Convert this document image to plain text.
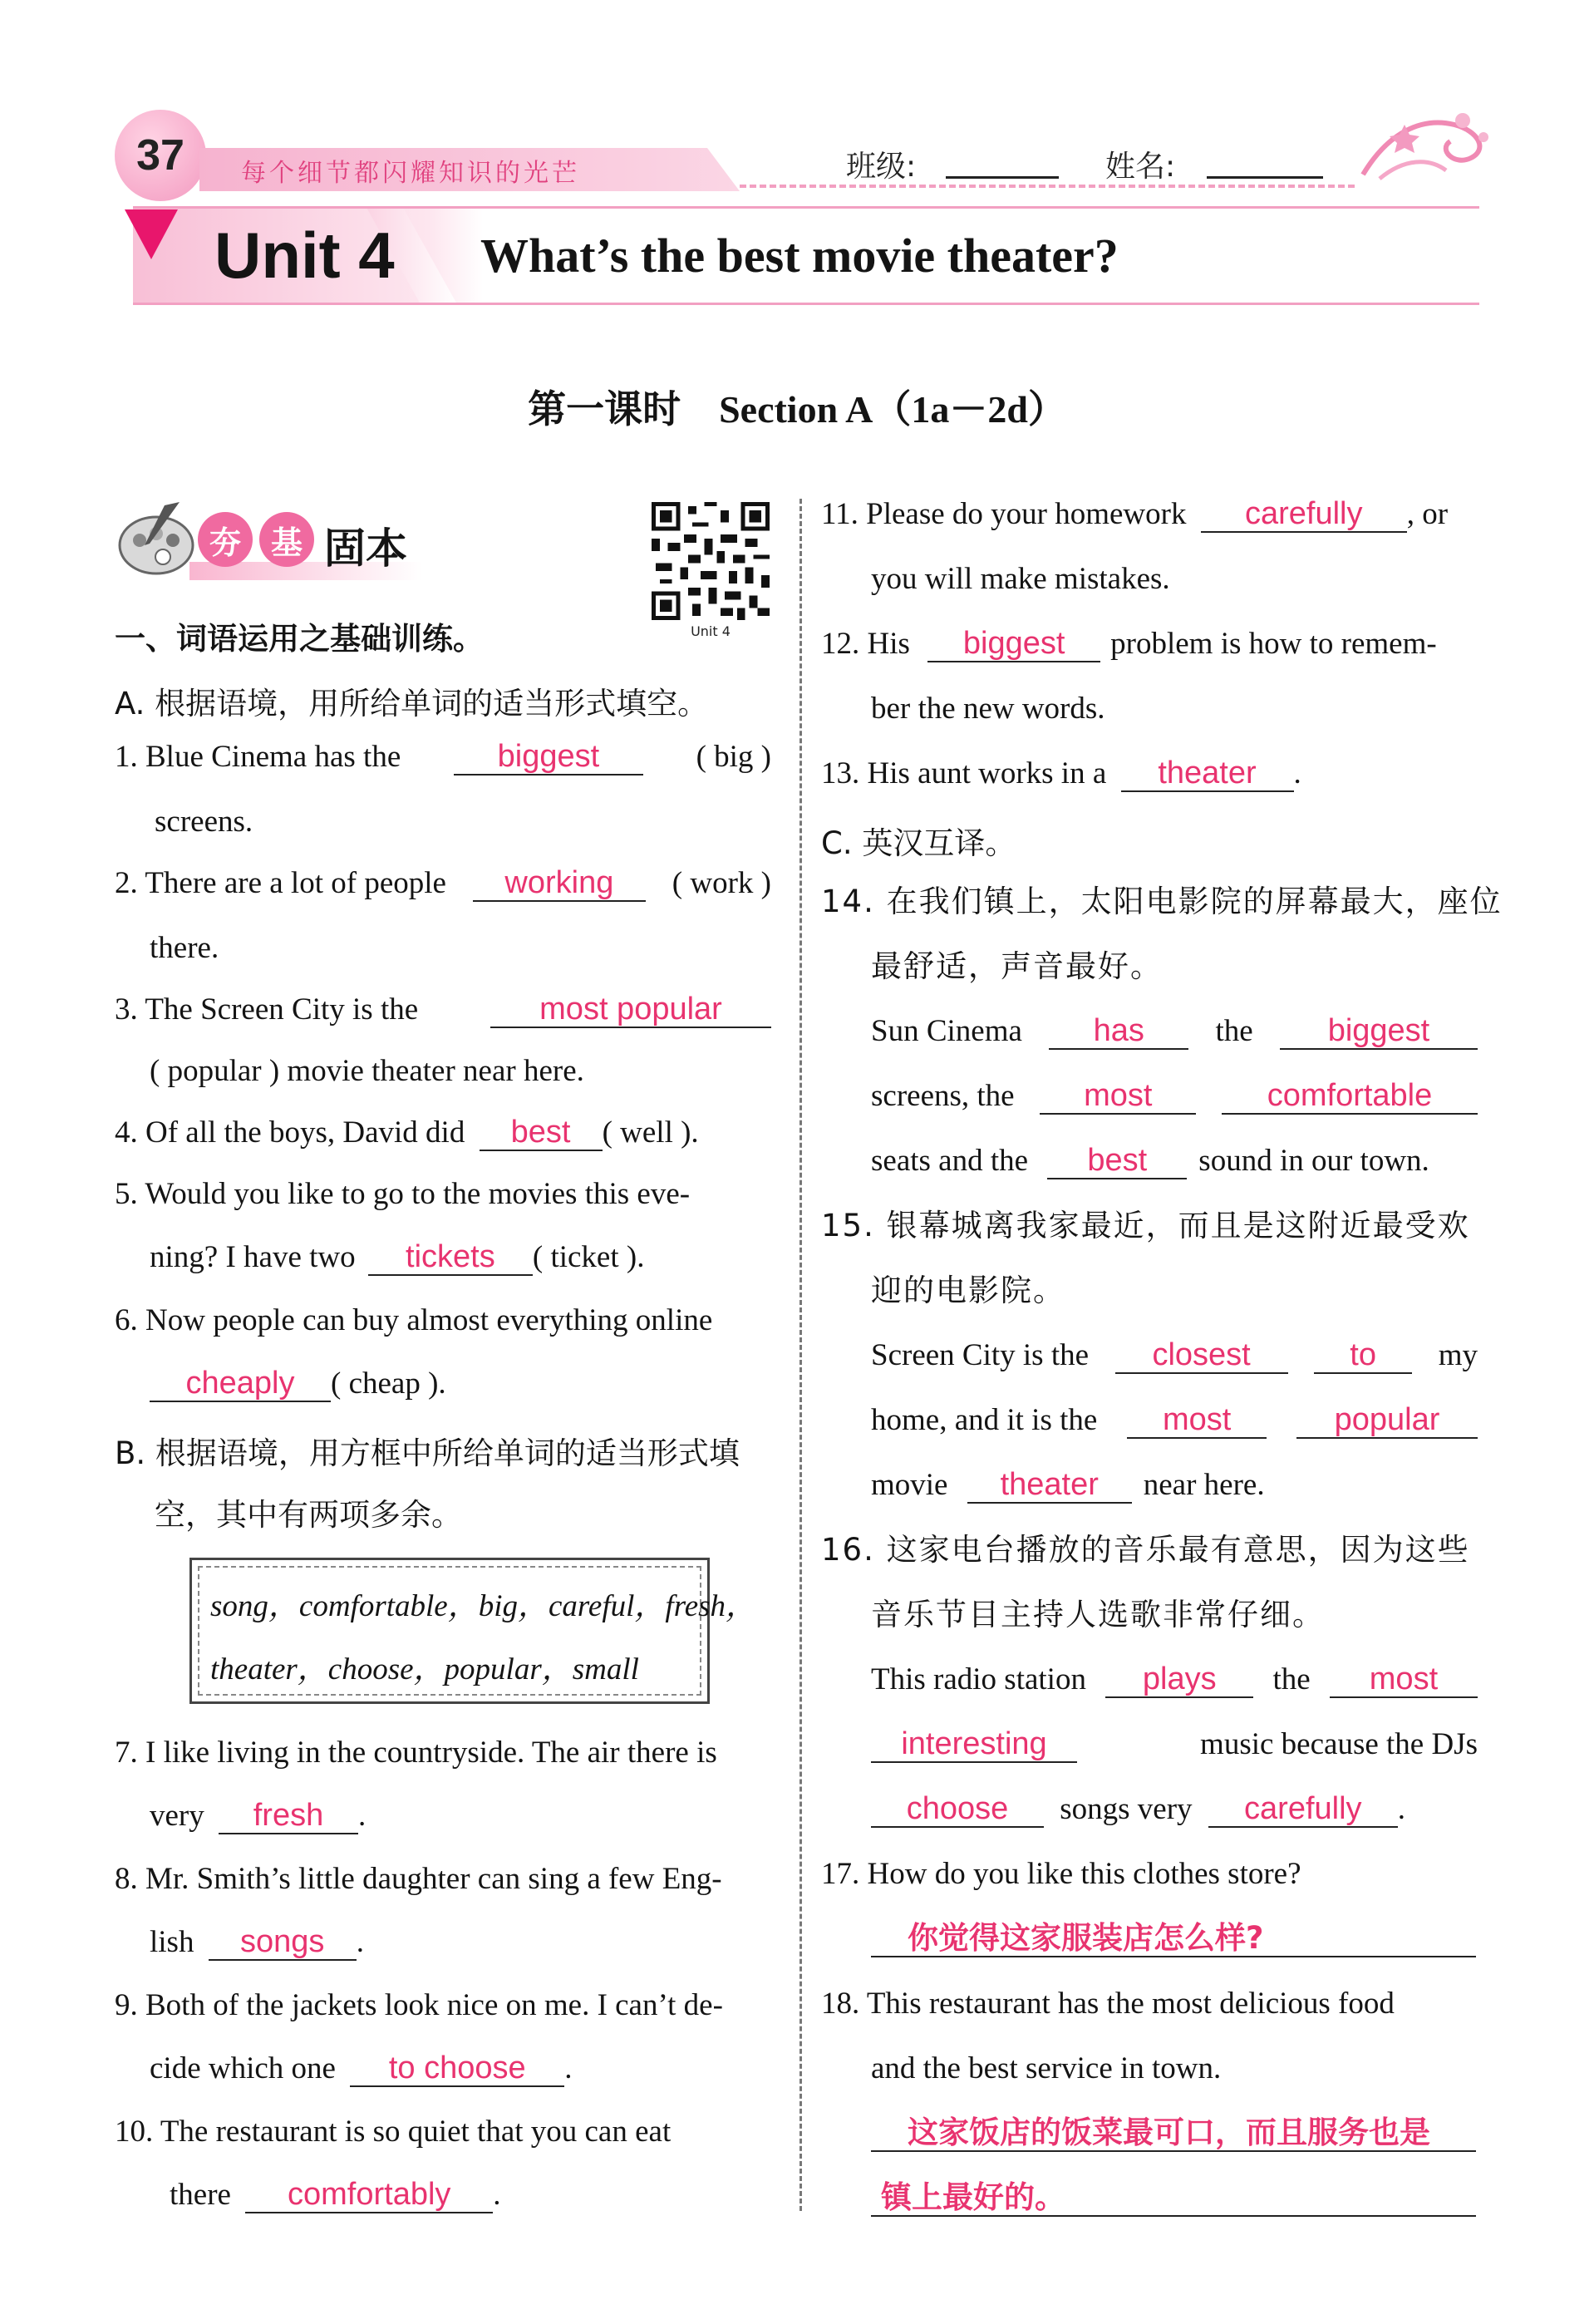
37	每个细节都闪耀知识的光芒	班级:	姓名:
Unit 4 What’s the best movie theater?
第一课时　Section A（1a－2d）
夯 基 固本
Unit 4
一、词语运用之基础训练。
A. 根据语境，用所给单词的适当形式填空。
1. Blue Cinema has the	biggest	( big )
screens.
2. There are a lot of people	working	( work )
there.
3. The Screen City is the	most popular
( popular ) movie theater near here.
4. Of all the boys, David did best ( well ).
5. Would you like to go to the movies this eve-
ning? I have two tickets ( ticket ).
6. Now people can buy almost everything online
cheaply ( cheap ).
B. 根据语境，用方框中所给单词的适当形式填
空，其中有两项多余。
song，comfortable，big，careful，fresh，
theater，choose，popular，small
7. I like living in the countryside. The air there is
very fresh .
8. Mr. Smith’s little daughter can sing a few Eng-
lish songs .
9. Both of the jackets look nice on me. I can’t de-
cide which one to choose .
10. The restaurant is so quiet that you can eat
there comfortably .
11. Please do your homework carefully , or
you will make mistakes.
12. His biggest problem is how to remem-
ber the new words.
13. His aunt works in a theater .
C. 英汉互译。
14. 在我们镇上，太阳电影院的屏幕最大，座位
最舒适，声音最好。
Sun Cinema	has	the	biggest
screens, the	most	comfortable
seats and the best sound in our town.
15. 银幕城离我家最近，而且是这附近最受欢
迎的电影院。
Screen City is the	closest	to	my
home, and it is the	most	popular
movie theater near here.
16. 这家电台播放的音乐最有意思，因为这些
音乐节目主持人选歌非常仔细。
This radio station	plays	the	most
interesting	music because the DJs
choose songs very carefully .
17. How do you like this clothes store?
你觉得这家服装店怎么样?
18. This restaurant has the most delicious food
and the best service in town.
这家饭店的饭菜最可口，而且服务也是
镇上最好的。
